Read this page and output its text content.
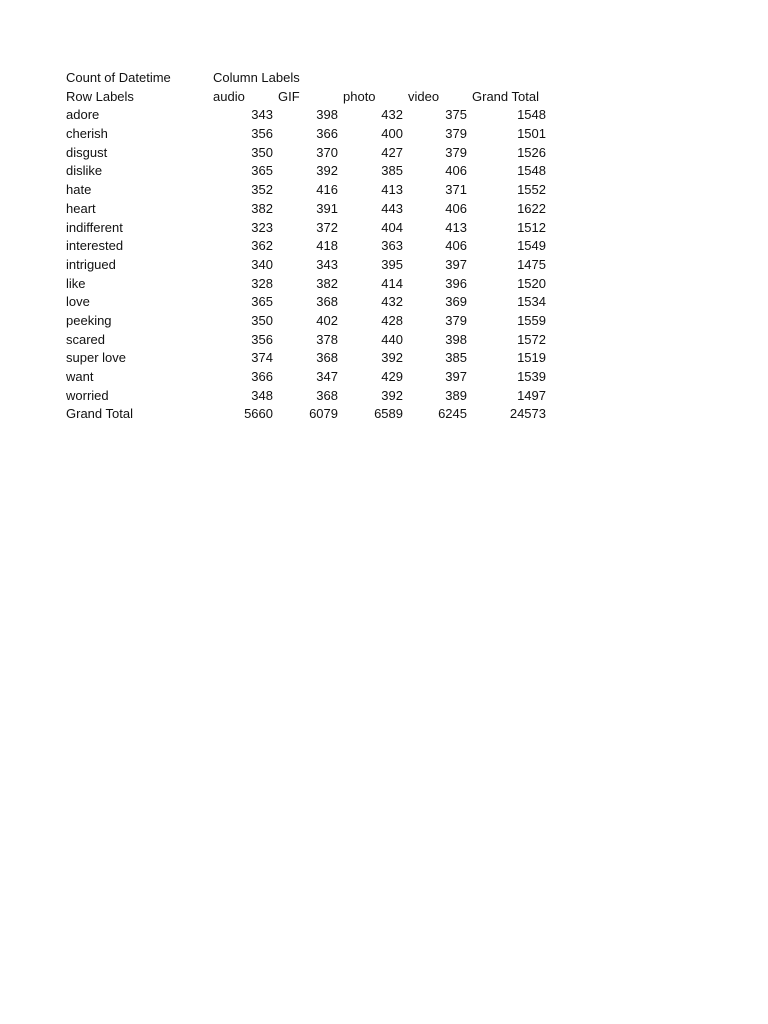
Count of Datetime	Column Labels
Row Labels	audio	GIF	photo	video	Grand Total
adore	343	398	432	375	1548
cherish	356	366	400	379	1501
disgust	350	370	427	379	1526
dislike	365	392	385	406	1548
hate	352	416	413	371	1552
heart	382	391	443	406	1622
indifferent	323	372	404	413	1512
interested	362	418	363	406	1549
intrigued	340	343	395	397	1475
like	328	382	414	396	1520
love	365	368	432	369	1534
peeking	350	402	428	379	1559
scared	356	378	440	398	1572
super love	374	368	392	385	1519
want	366	347	429	397	1539
worried	348	368	392	389	1497
Grand Total	5660	6079	6589	6245	24573
